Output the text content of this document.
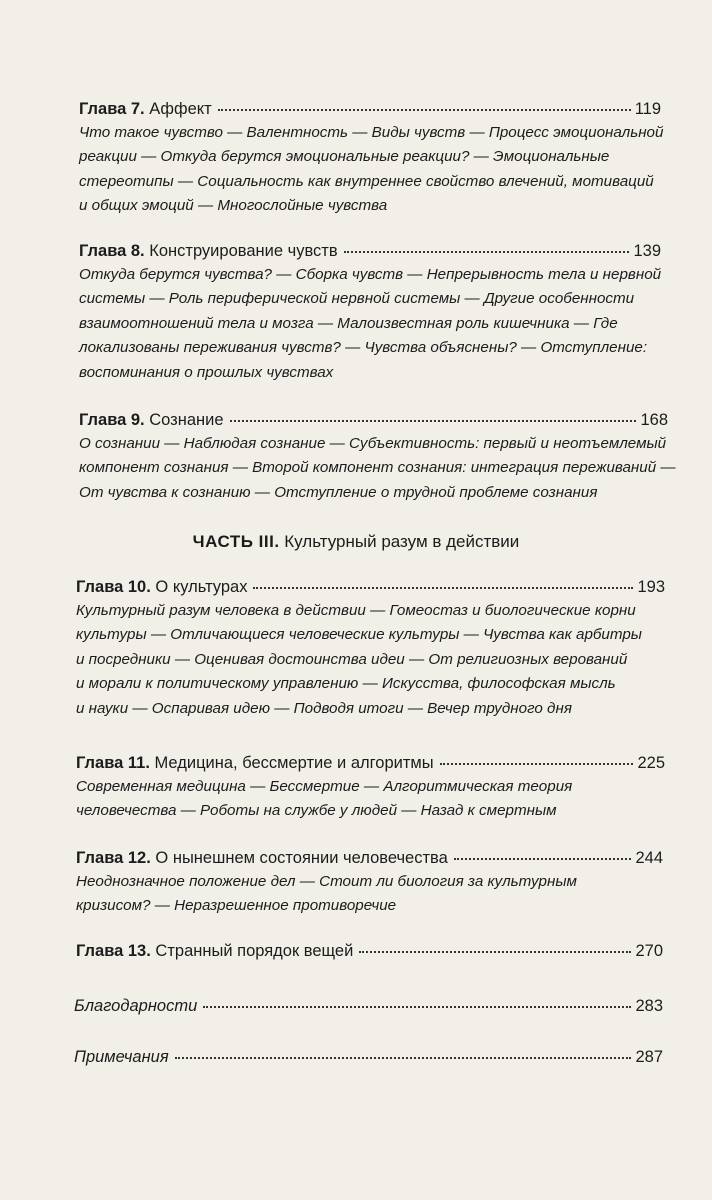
Глава 7. Аффект	119
Что такое чувство — Валентность — Виды чувств — Процесс эмоциональной
реакции — Откуда берутся эмоциональные реакции? — Эмоциональные
стереотипы — Социальность как внутреннее свойство влечений, мотиваций
и общих эмоций — Многослойные чувства
Глава 8. Конструирование чувств	139
Откуда берутся чувства? — Сборка чувств — Непрерывность тела и нервной
системы — Роль периферической нервной системы — Другие особенности
взаимоотношений тела и мозга — Малоизвестная роль кишечника — Где
локализованы переживания чувств? — Чувства объяснены? — Отступление:
воспоминания о прошлых чувствах
Глава 9. Сознание	168
О сознании — Наблюдая сознание — Субъективность: первый и неотъемлемый
компонент сознания — Второй компонент сознания: интеграция переживаний —
От чувства к сознанию — Отступление о трудной проблеме сознания
ЧАСТЬ III. Культурный разум в действии
Глава 10. О культурах	193
Культурный разум человека в действии — Гомеостаз и биологические корни
культуры — Отличающиеся человеческие культуры — Чувства как арбитры
и посредники — Оценивая достоинства идеи — От религиозных верований
и морали к политическому управлению — Искусства, философская мысль
и науки — Оспаривая идею — Подводя итоги — Вечер трудного дня
Глава 11. Медицина, бессмертие и алгоритмы	225
Современная медицина — Бессмертие — Алгоритмическая теория
человечества — Роботы на службе у людей — Назад к смертным
Глава 12. О нынешнем состоянии человечества	244
Неоднозначное положение дел — Стоит ли биология за культурным
кризисом? — Неразрешенное противоречие
Глава 13. Странный порядок вещей	270
Благодарности	283
Примечания	287
